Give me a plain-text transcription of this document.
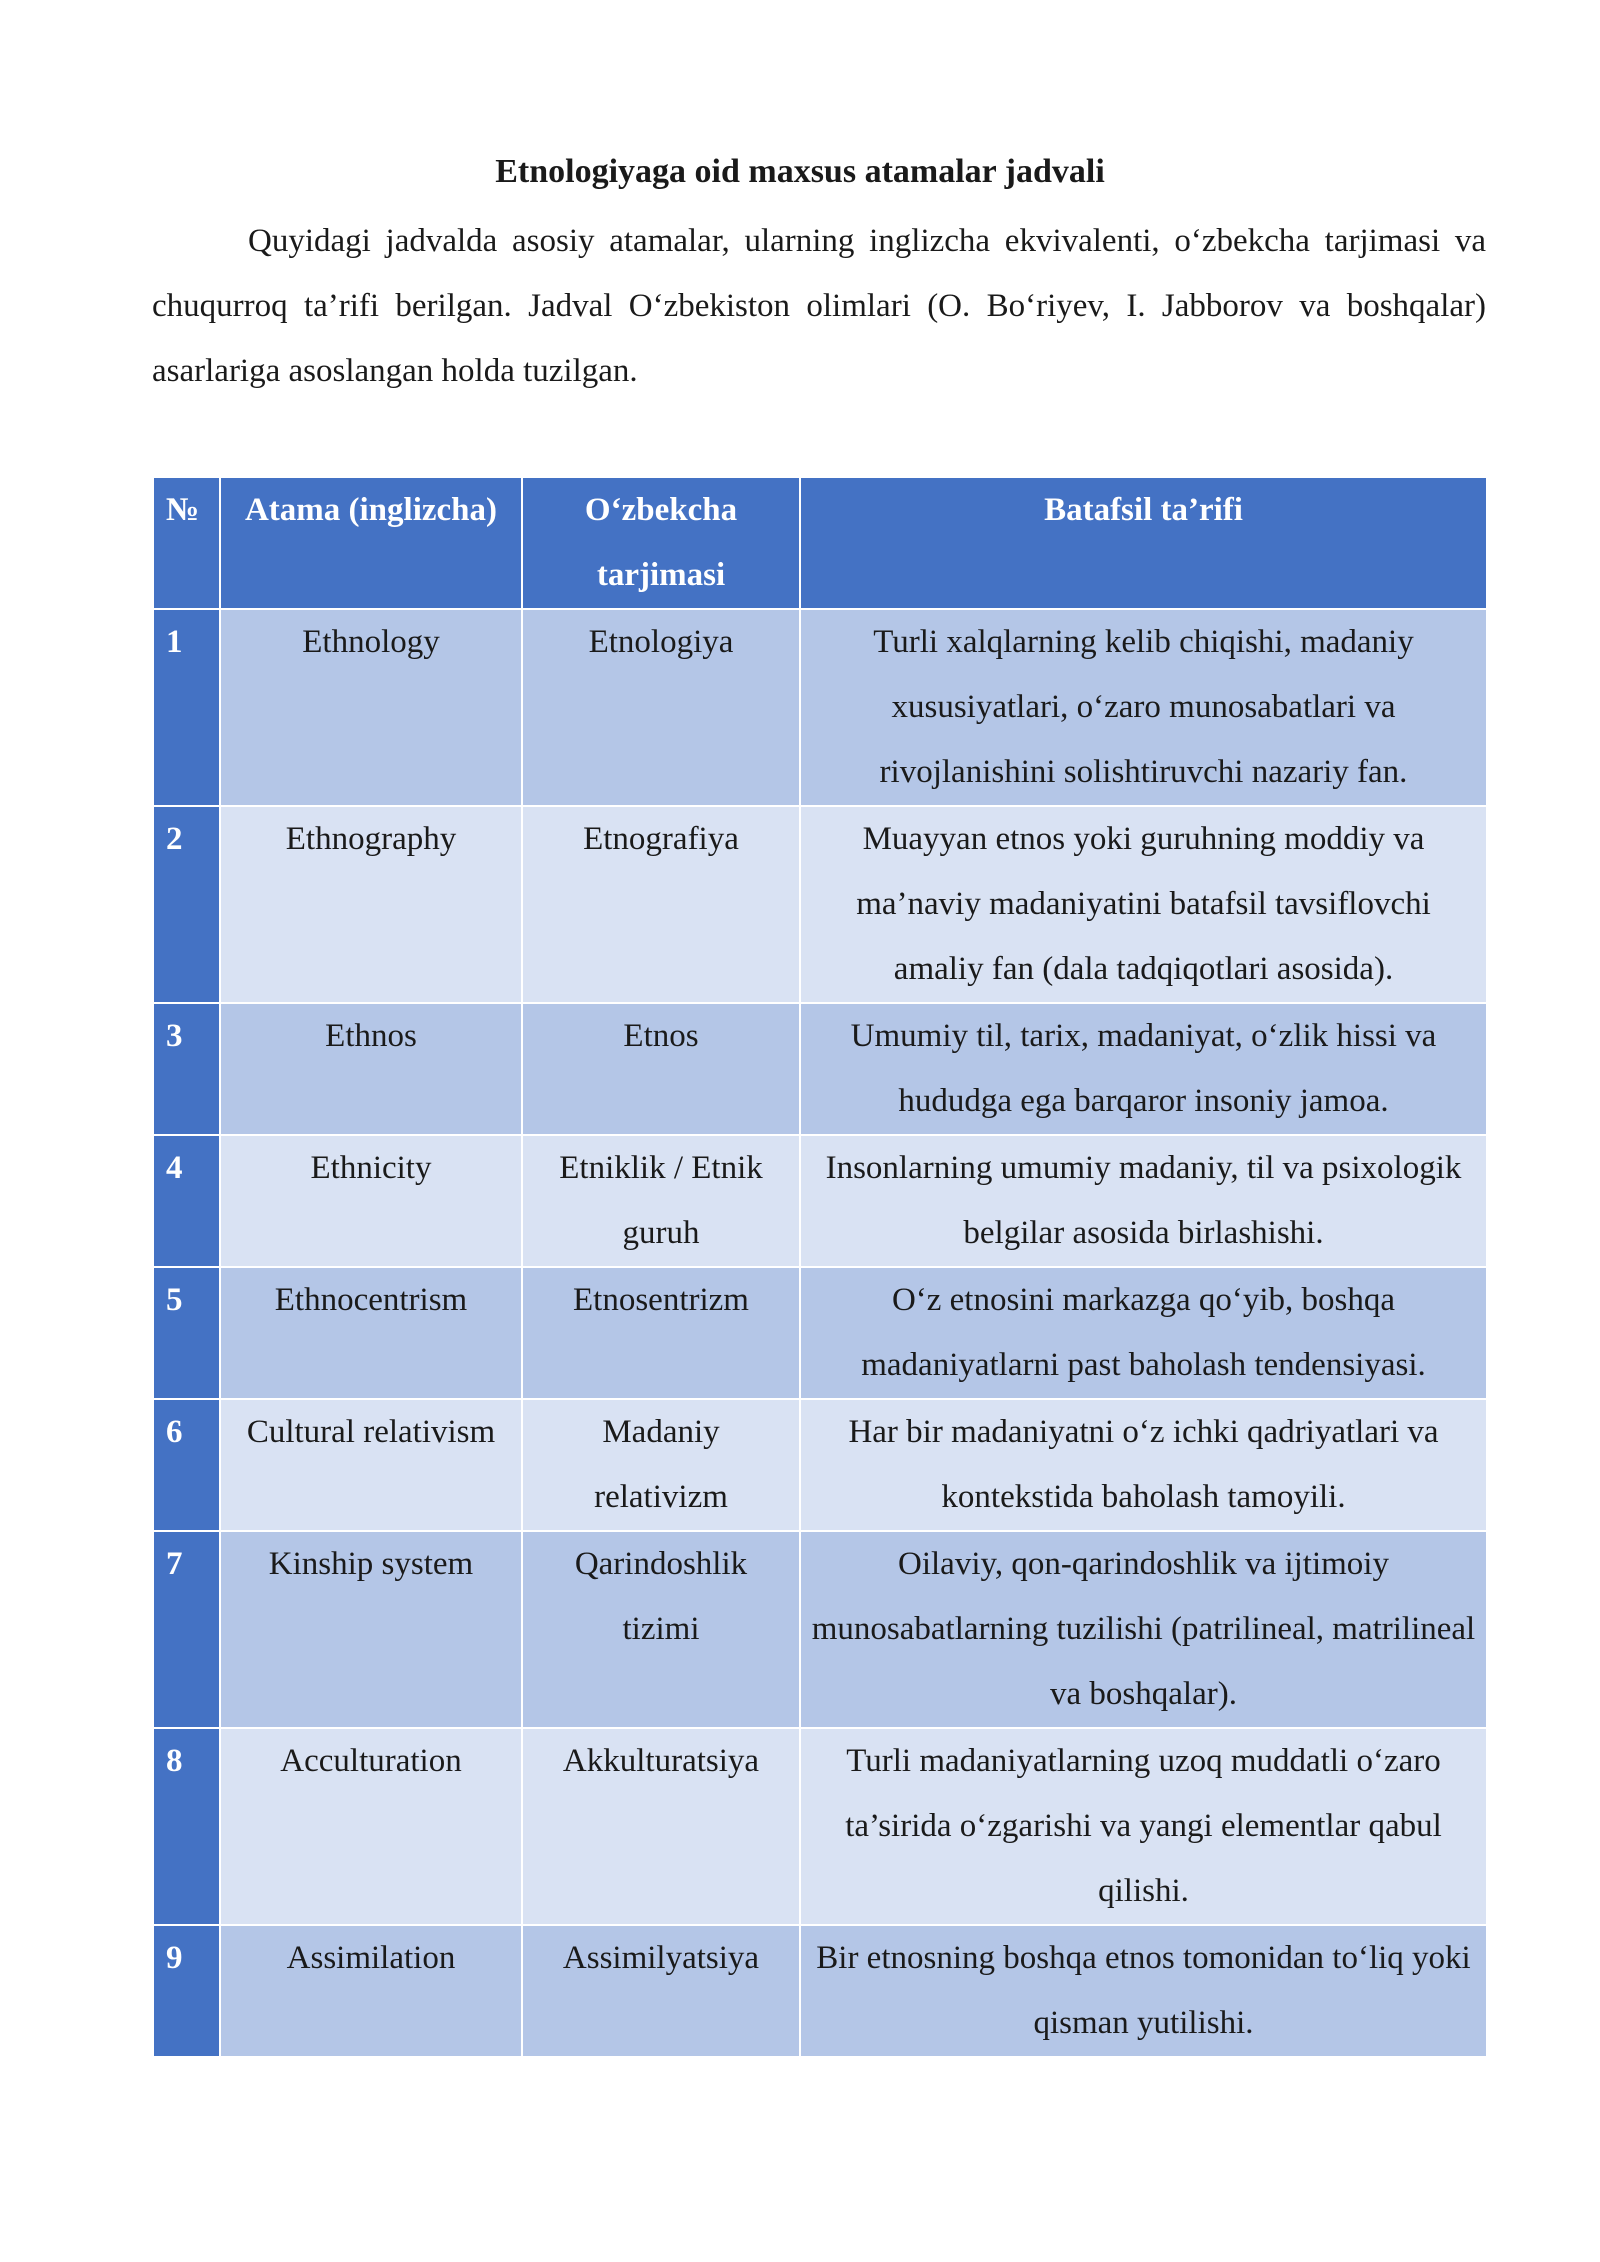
Etnologiyaga oid maxsus atamalar jadvali

Quyidagi jadvalda asosiy atamalar, ularning inglizcha ekvivalenti, o‘zbekcha tarjimasi va chuqurroq ta’rifi berilgan. Jadval O‘zbekiston olimlari (O. Bo‘riyev, I. Jabborov va boshqalar) asarlariga asoslangan holda tuzilgan.

№	Atama (inglizcha)	O‘zbekcha tarjimasi	Batafsil ta’rifi
1	Ethnology	Etnologiya	Turli xalqlarning kelib chiqishi, madaniy xususiyatlari, o‘zaro munosabatlari va rivojlanishini solishtiruvchi nazariy fan.
2	Ethnography	Etnografiya	Muayyan etnos yoki guruhning moddiy va ma’naviy madaniyatini batafsil tavsiflovchi amaliy fan (dala tadqiqotlari asosida).
3	Ethnos	Etnos	Umumiy til, tarix, madaniyat, o‘zlik hissi va hududga ega barqaror insoniy jamoa.
4	Ethnicity	Etniklik / Etnik guruh	Insonlarning umumiy madaniy, til va psixologik belgilar asosida birlashishi.
5	Ethnocentrism	Etnosentrizm	O‘z etnosini markazga qo‘yib, boshqa madaniyatlarni past baholash tendensiyasi.
6	Cultural relativism	Madaniy relativizm	Har bir madaniyatni o‘z ichki qadriyatlari va kontekstida baholash tamoyili.
7	Kinship system	Qarindoshlik tizimi	Oilaviy, qon-qarindoshlik va ijtimoiy munosabatlarning tuzilishi (patrilineal, matrilineal va boshqalar).
8	Acculturation	Akkulturatsiya	Turli madaniyatlarning uzoq muddatli o‘zaro ta’sirida o‘zgarishi va yangi elementlar qabul qilishi.
9	Assimilation	Assimilyatsiya	Bir etnosning boshqa etnos tomonidan to‘liq yoki qisman yutilishi.
